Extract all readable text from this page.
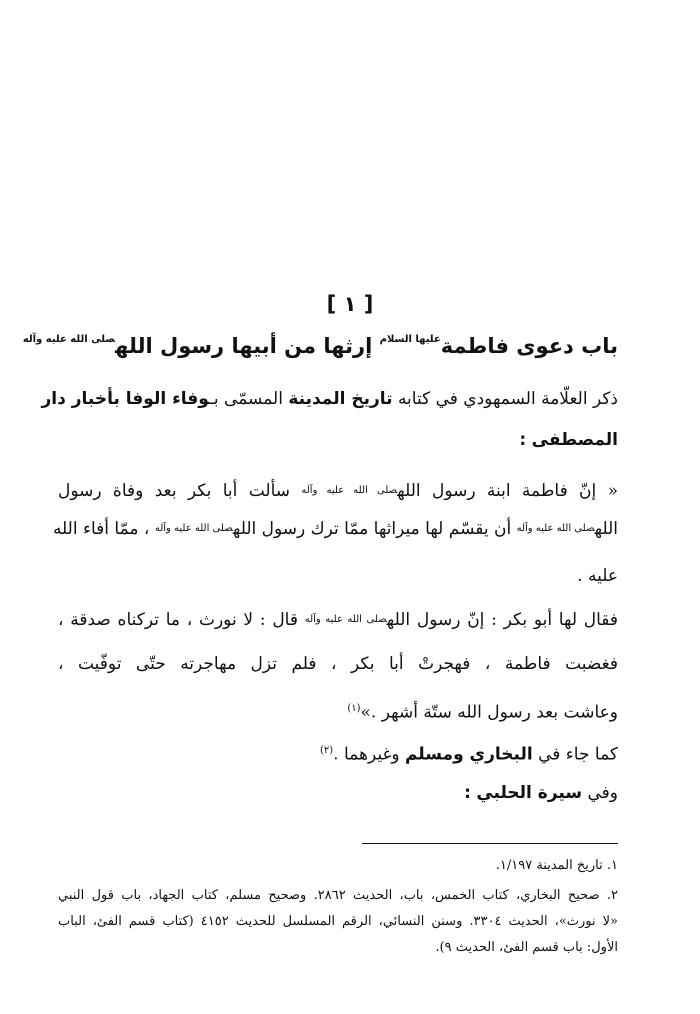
[ ١ ]
باب دعوى فاطمة$^{عليها السلام}$ إرثها من أبيها رسول الله$^{صلى الله عليه وآله}$
ذكر العلّامة السمهودي في كتابه تاريخ المدينة المسمّى بـوفاء الوفا بأخبار دار
المصطفى :
« إنّ فاطمة ابنة رسول الله$^{صلى الله عليه وآله}$ سألت أبا بكر بعد وفاة رسول
الله$^{صلى الله عليه وآله}$ أن يقسّم لها ميراثها ممّا ترك رسول الله$^{صلى الله عليه وآله}$ ، ممّا أفاء الله
عليه .
فقال لها أبو بكر : إنّ رسول الله$^{صلى الله عليه وآله}$ قال : لا نورث ، ما تركناه صدقة ،
فغضبت فاطمة ، فهجرتْ أبا بكر ، فلم تزل مهاجرته حتّى توفّيت ،
وعاشت بعد رسول الله ستّة أشهر .»$^{(١)}$
كما جاء في البخاري ومسلم وغيرهما .$^{(٢)}$
وفي سيرة الحلبي :
١. تاريخ المدينة ١/١٩٧.
٢. صحيح البخاري، كتاب الخمس، باب، الحديث ٢٨٦٢. وصحيح مسلم، كتاب الجهاد، باب قول النبي
«لا نورث»، الحديث ٣٣٠٤. وسنن النسائي، الرقم المسلسل للحديث ٤١٥٢ (كتاب قسم الفئ، الباب
الأول: باب قسم الفئ، الحديث ٩).
